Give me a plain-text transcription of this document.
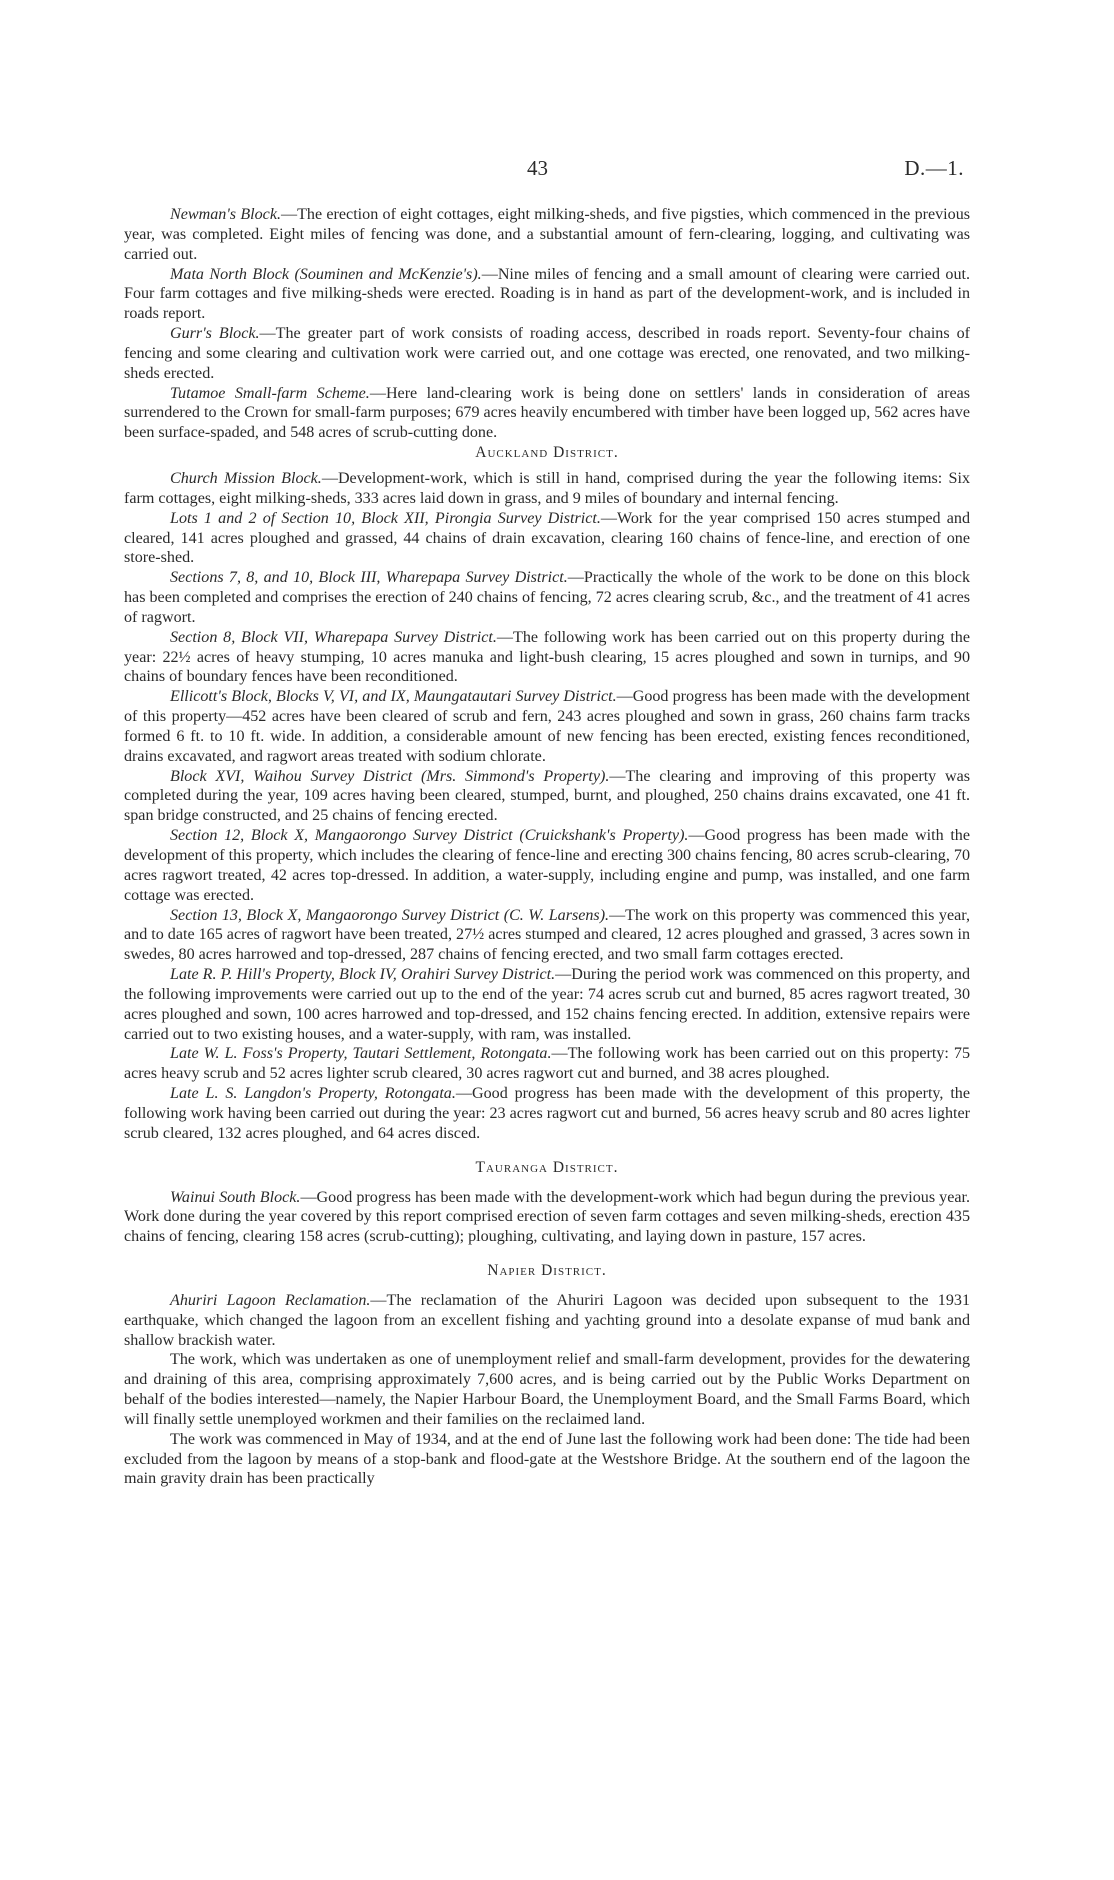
43	D.—1.

Newman's Block.—The erection of eight cottages, eight milking-sheds, and five pigsties, which commenced in the previous year, was completed. Eight miles of fencing was done, and a substantial amount of fern-clearing, logging, and cultivating was carried out.

Mata North Block (Souminen and McKenzie's).—Nine miles of fencing and a small amount of clearing were carried out. Four farm cottages and five milking-sheds were erected. Roading is in hand as part of the development-work, and is included in roads report.

Gurr's Block.—The greater part of work consists of roading access, described in roads report. Seventy-four chains of fencing and some clearing and cultivation work were carried out, and one cottage was erected, one renovated, and two milking-sheds erected.

Tutamoe Small-farm Scheme.—Here land-clearing work is being done on settlers' lands in consideration of areas surrendered to the Crown for small-farm purposes; 679 acres heavily encumbered with timber have been logged up, 562 acres have been surface-spaded, and 548 acres of scrub-cutting done.

Auckland District.

Church Mission Block.—Development-work, which is still in hand, comprised during the year the following items: Six farm cottages, eight milking-sheds, 333 acres laid down in grass, and 9 miles of boundary and internal fencing.

Lots 1 and 2 of Section 10, Block XII, Pirongia Survey District.—Work for the year comprised 150 acres stumped and cleared, 141 acres ploughed and grassed, 44 chains of drain excavation, clearing 160 chains of fence-line, and erection of one store-shed.

Sections 7, 8, and 10, Block III, Wharepapa Survey District.—Practically the whole of the work to be done on this block has been completed and comprises the erection of 240 chains of fencing, 72 acres clearing scrub, &c., and the treatment of 41 acres of ragwort.

Section 8, Block VII, Wharepapa Survey District.—The following work has been carried out on this property during the year: 22½ acres of heavy stumping, 10 acres manuka and light-bush clearing, 15 acres ploughed and sown in turnips, and 90 chains of boundary fences have been reconditioned.

Ellicott's Block, Blocks V, VI, and IX, Maungatautari Survey District.—Good progress has been made with the development of this property—452 acres have been cleared of scrub and fern, 243 acres ploughed and sown in grass, 260 chains farm tracks formed 6 ft. to 10 ft. wide. In addition, a considerable amount of new fencing has been erected, existing fences reconditioned, drains excavated, and ragwort areas treated with sodium chlorate.

Block XVI, Waihou Survey District (Mrs. Simmond's Property).—The clearing and improving of this property was completed during the year, 109 acres having been cleared, stumped, burnt, and ploughed, 250 chains drains excavated, one 41 ft. span bridge constructed, and 25 chains of fencing erected.

Section 12, Block X, Mangaorongo Survey District (Cruickshank's Property).—Good progress has been made with the development of this property, which includes the clearing of fence-line and erecting 300 chains fencing, 80 acres scrub-clearing, 70 acres ragwort treated, 42 acres top-dressed. In addition, a water-supply, including engine and pump, was installed, and one farm cottage was erected.

Section 13, Block X, Mangaorongo Survey District (C. W. Larsens).—The work on this property was commenced this year, and to date 165 acres of ragwort have been treated, 27½ acres stumped and cleared, 12 acres ploughed and grassed, 3 acres sown in swedes, 80 acres harrowed and top-dressed, 287 chains of fencing erected, and two small farm cottages erected.

Late R. P. Hill's Property, Block IV, Orahiri Survey District.—During the period work was commenced on this property, and the following improvements were carried out up to the end of the year: 74 acres scrub cut and burned, 85 acres ragwort treated, 30 acres ploughed and sown, 100 acres harrowed and top-dressed, and 152 chains fencing erected. In addition, extensive repairs were carried out to two existing houses, and a water-supply, with ram, was installed.

Late W. L. Foss's Property, Tautari Settlement, Rotongata.—The following work has been carried out on this property: 75 acres heavy scrub and 52 acres lighter scrub cleared, 30 acres ragwort cut and burned, and 38 acres ploughed.

Late L. S. Langdon's Property, Rotongata.—Good progress has been made with the development of this property, the following work having been carried out during the year: 23 acres ragwort cut and burned, 56 acres heavy scrub and 80 acres lighter scrub cleared, 132 acres ploughed, and 64 acres disced.

Tauranga District.

Wainui South Block.—Good progress has been made with the development-work which had begun during the previous year. Work done during the year covered by this report comprised erection of seven farm cottages and seven milking-sheds, erection 435 chains of fencing, clearing 158 acres (scrub-cutting); ploughing, cultivating, and laying down in pasture, 157 acres.

Napier District.

Ahuriri Lagoon Reclamation.—The reclamation of the Ahuriri Lagoon was decided upon subsequent to the 1931 earthquake, which changed the lagoon from an excellent fishing and yachting ground into a desolate expanse of mud bank and shallow brackish water.

The work, which was undertaken as one of unemployment relief and small-farm development, provides for the dewatering and draining of this area, comprising approximately 7,600 acres, and is being carried out by the Public Works Department on behalf of the bodies interested—namely, the Napier Harbour Board, the Unemployment Board, and the Small Farms Board, which will finally settle unemployed workmen and their families on the reclaimed land.

The work was commenced in May of 1934, and at the end of June last the following work had been done: The tide had been excluded from the lagoon by means of a stop-bank and flood-gate at the Westshore Bridge. At the southern end of the lagoon the main gravity drain has been practically
